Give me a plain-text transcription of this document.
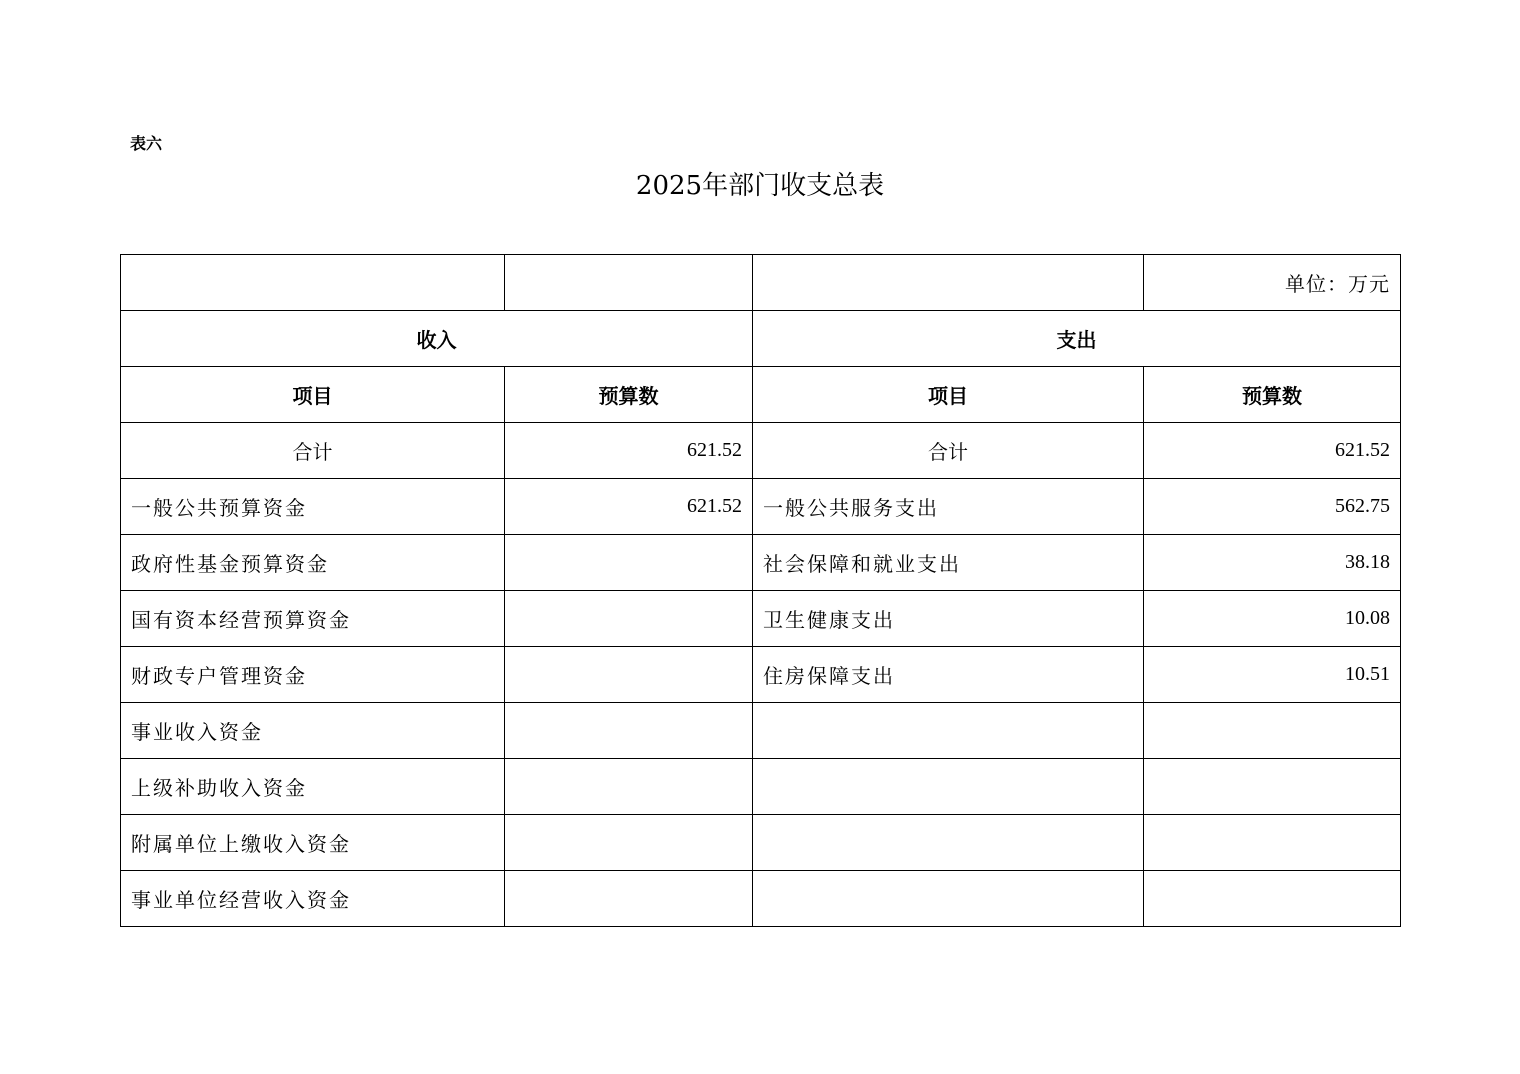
表六
2025年部门收支总表
			单位：万元
收入		支出	
项目	预算数	项目	预算数
合计	621.52	合计	621.52
一般公共预算资金	621.52	一般公共服务支出	562.75
政府性基金预算资金		社会保障和就业支出	38.18
国有资本经营预算资金		卫生健康支出	10.08
财政专户管理资金		住房保障支出	10.51
事业收入资金			
上级补助收入资金			
附属单位上缴收入资金			
事业单位经营收入资金			
